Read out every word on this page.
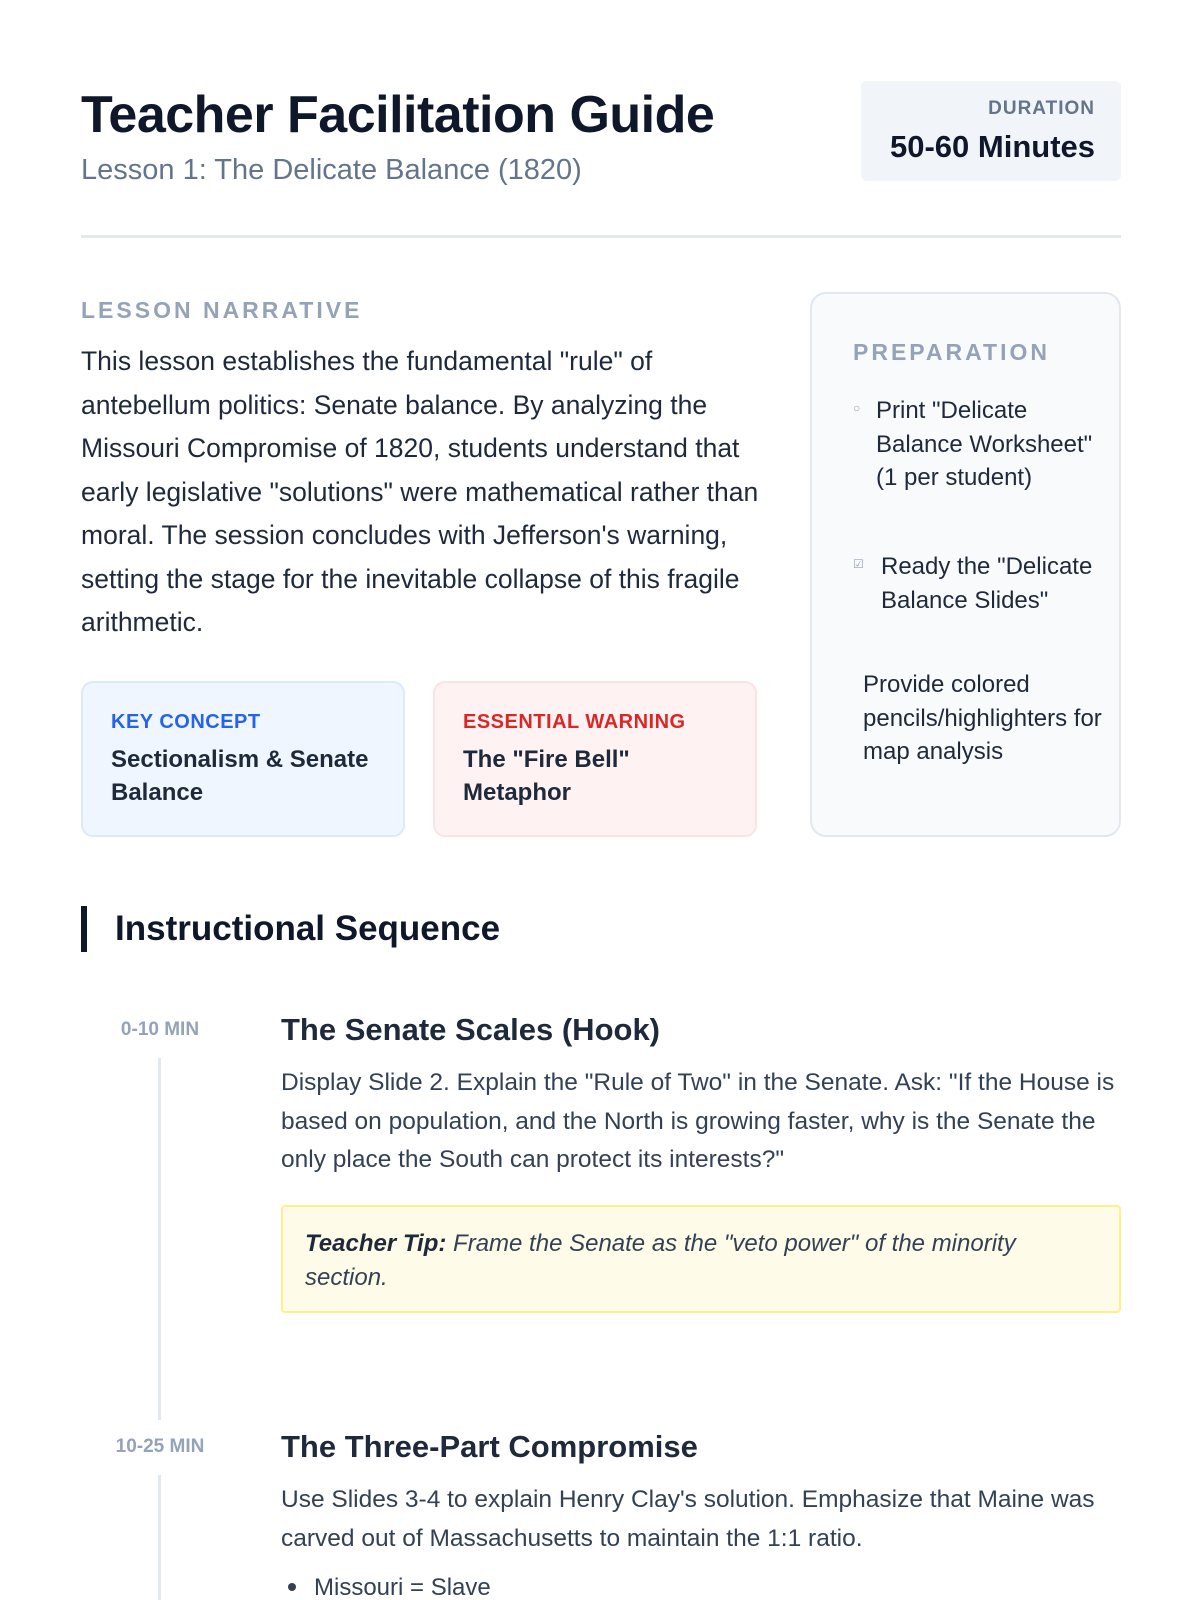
Teacher Facilitation Guide
Lesson 1: The Delicate Balance (1820)
DURATION
50-60 Minutes
LESSON NARRATIVE

This lesson establishes the fundamental "rule" of antebellum politics: Senate balance. By analyzing the Missouri Compromise of 1820, students understand that early legislative "solutions" were mathematical rather than moral. The session concludes with Jefferson's warning, setting the stage for the inevitable collapse of this fragile arithmetic.

KEY CONCEPT
Sectionalism & Senate Balance
ESSENTIAL WARNING
The "Fire Bell" Metaphor
PREPARATION
○ Print "Delicate Balance Worksheet" (1 per student)
☑ Ready the "Delicate Balance Slides"
Provide colored pencils/highlighters for map analysis
Instructional Sequence
0-10 MIN	The Senate Scales (Hook)

Display Slide 2. Explain the "Rule of Two" in the Senate. Ask: "If the House is based on population, and the North is growing faster, why is the Senate the only place the South can protect its interests?"

Teacher Tip: Frame the Senate as the "veto power" of the minority section.
10-25 MIN	The Three-Part Compromise

Use Slides 3-4 to explain Henry Clay's solution. Emphasize that Maine was carved out of Massachusetts to maintain the 1:1 ratio.

Missouri = Slave
